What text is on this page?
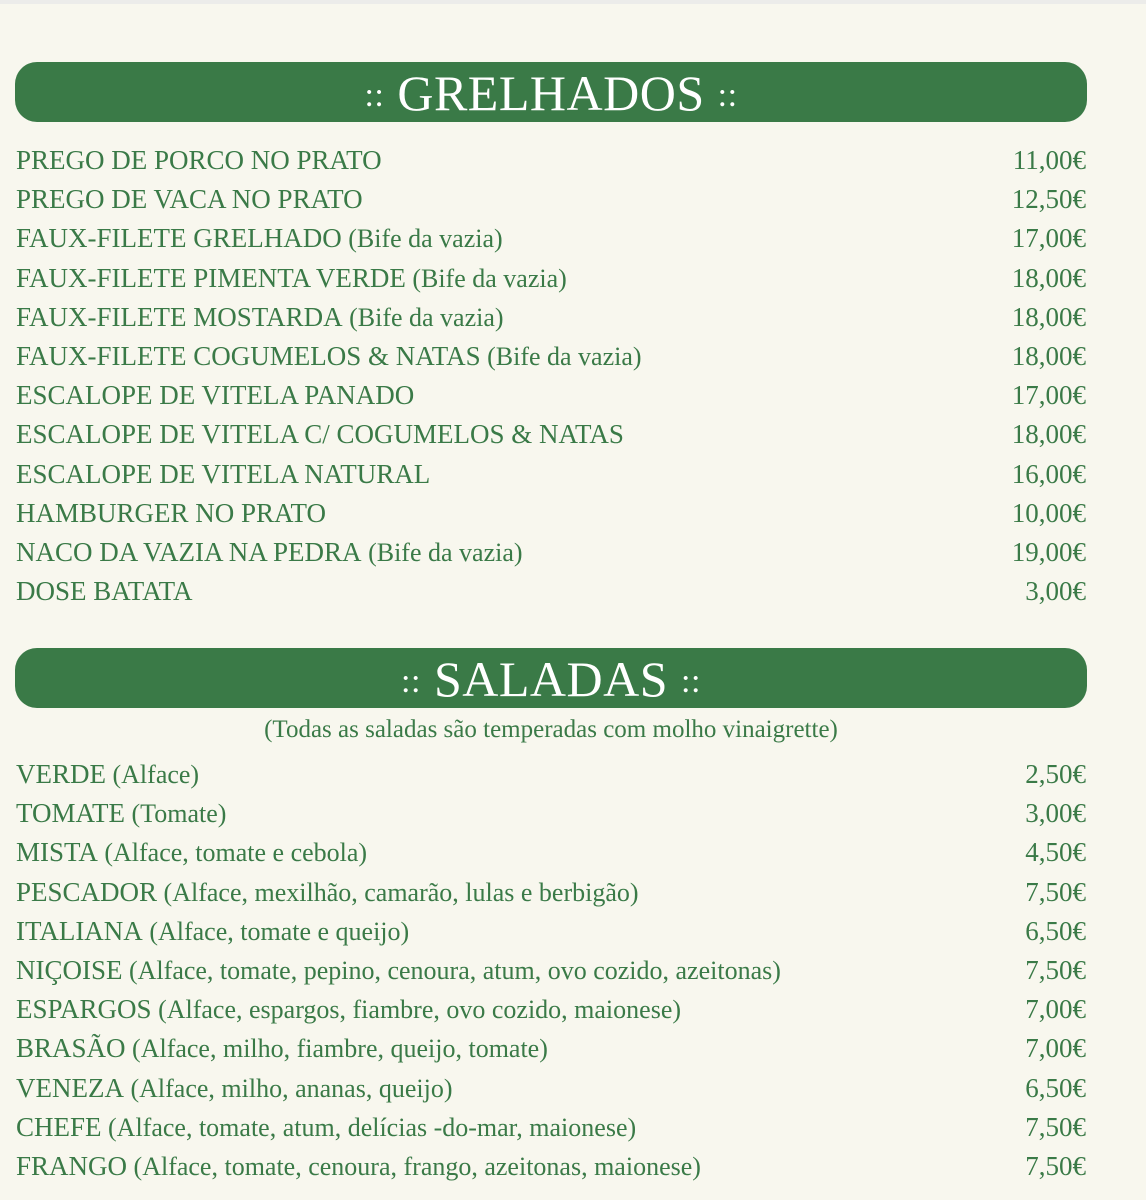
:: GRELHADOS ::
PREGO DE PORCO NO PRATO	11,00€
PREGO DE VACA NO PRATO	12,50€
FAUX-FILETE GRELHADO (Bife da vazia)	17,00€
FAUX-FILETE PIMENTA VERDE (Bife da vazia)	18,00€
FAUX-FILETE MOSTARDA (Bife da vazia)	18,00€
FAUX-FILETE COGUMELOS & NATAS (Bife da vazia)	18,00€
ESCALOPE DE VITELA PANADO	17,00€
ESCALOPE DE VITELA C/ COGUMELOS & NATAS	18,00€
ESCALOPE DE VITELA NATURAL	16,00€
HAMBURGER NO PRATO	10,00€
NACO DA VAZIA NA PEDRA (Bife da vazia)	19,00€
DOSE BATATA	3,00€
:: SALADAS ::
(Todas as saladas são temperadas com molho vinaigrette)
VERDE (Alface)	2,50€
TOMATE (Tomate)	3,00€
MISTA (Alface, tomate e cebola)	4,50€
PESCADOR (Alface, mexilhão, camarão, lulas e berbigão)	7,50€
ITALIANA (Alface, tomate e queijo)	6,50€
NIÇOISE (Alface, tomate, pepino, cenoura, atum, ovo cozido, azeitonas)	7,50€
ESPARGOS (Alface, espargos, fiambre, ovo cozido, maionese)	7,00€
BRASÃO (Alface, milho, fiambre, queijo, tomate)	7,00€
VENEZA (Alface, milho, ananas, queijo)	6,50€
CHEFE (Alface, tomate, atum, delícias -do-mar, maionese)	7,50€
FRANGO (Alface, tomate, cenoura, frango, azeitonas, maionese)	7,50€
